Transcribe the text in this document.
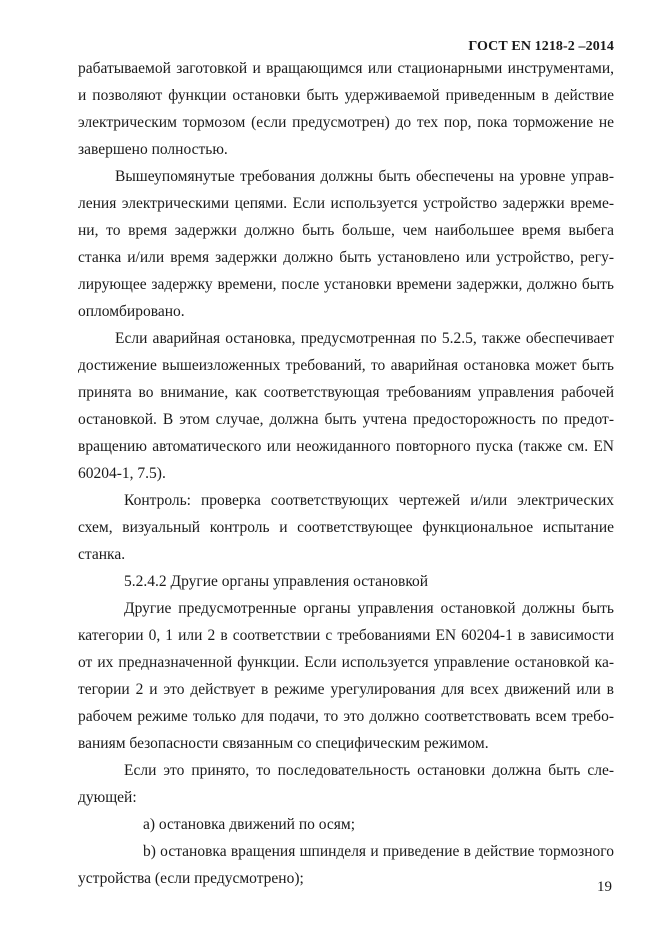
ГОСТ EN 1218-2 –2014

рабатываемой заготовкой и вращающимся или стационарными инструментами, и позволяют функции остановки быть удерживаемой приведенным в действие электрическим тормозом (если предусмотрен) до тех пор, пока торможение не завершено полностью.

Вышеупомянутые требования должны быть обеспечены на уровне управления электрическими цепями. Если используется устройство задержки времени, то время задержки должно быть больше, чем наибольшее время выбега станка и/или время задержки должно быть установлено или устройство, регулирующее задержку времени, после установки времени задержки, должно быть опломбировано.

Если аварийная остановка, предусмотренная по 5.2.5, также обеспечивает достижение вышеизложенных требований, то аварийная остановка может быть принята во внимание, как соответствующая требованиям управления рабочей остановкой. В этом случае, должна быть учтена предосторожность по предотвращению автоматического или неожиданного повторного пуска (также см. EN 60204-1, 7.5).

Контроль: проверка соответствующих чертежей и/или электрических схем, визуальный контроль и соответствующее функциональное испытание станка.

5.2.4.2 Другие органы управления остановкой

Другие предусмотренные органы управления остановкой должны быть категории 0, 1 или 2 в соответствии с требованиями EN 60204-1 в зависимости от их предназначенной функции. Если используется управление остановкой категории 2 и это действует в режиме урегулирования для всех движений или в рабочем режиме только для подачи, то это должно соответствовать всем требованиям безопасности связанным со специфическим режимом.

Если это принято, то последовательность остановки должна быть следующей:

a) остановка движений по осям;

b) остановка вращения шпинделя и приведение в действие тормозного устройства (если предусмотрено);	19
